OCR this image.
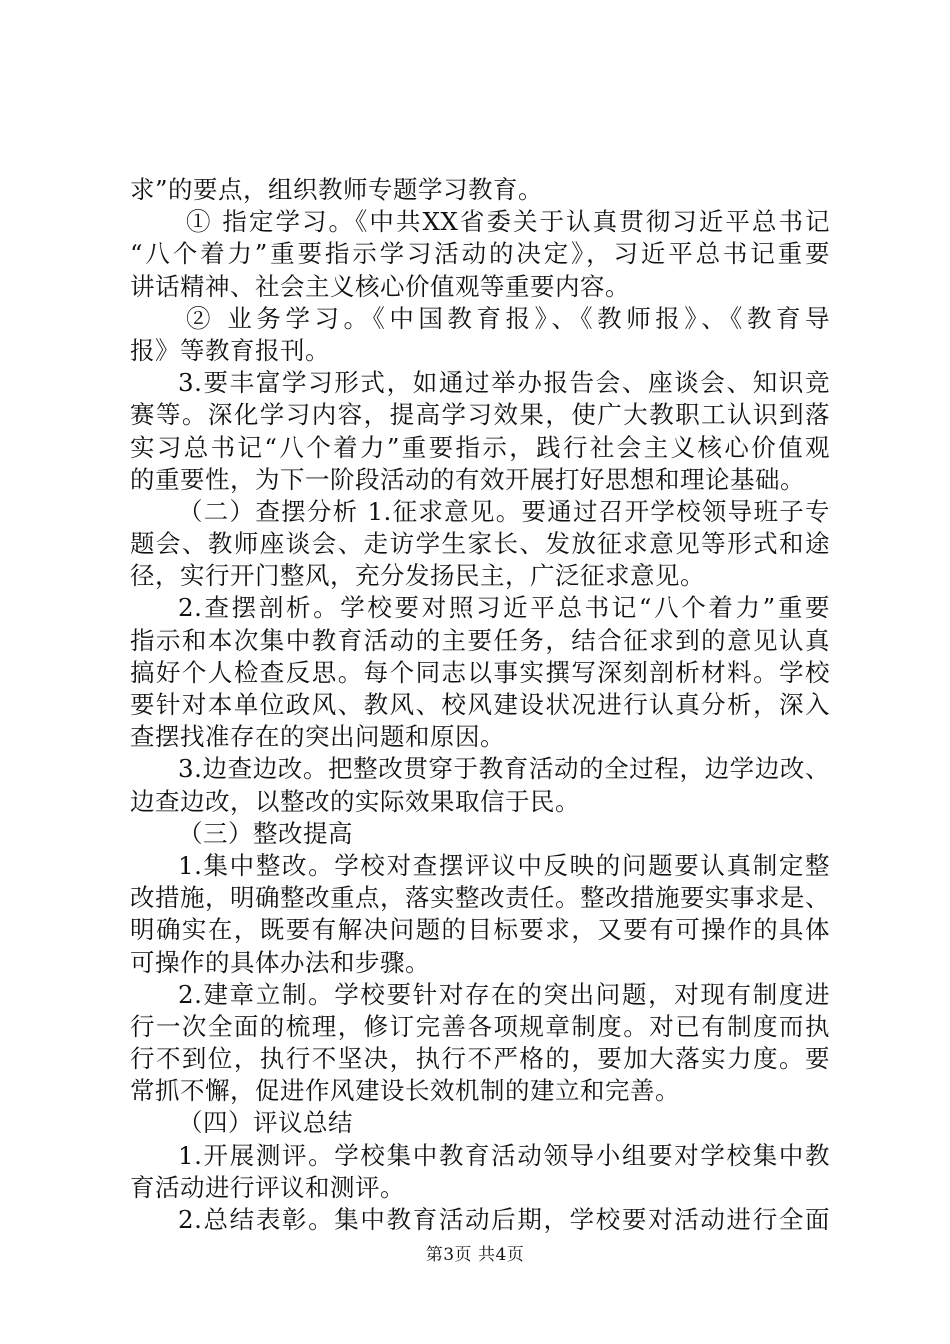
求”的要点，组织教师专题学习教育。
① 指定学习。《中共XX省委关于认真贯彻习近平总书记
“八个着力”重要指示学习活动的决定》，习近平总书记重要
讲话精神、社会主义核心价值观等重要内容。
② 业务学习。《中国教育报》、《教师报》、《教育导
报》等教育报刊。
3.要丰富学习形式，如通过举办报告会、座谈会、知识竞
赛等。深化学习内容，提高学习效果，使广大教职工认识到落
实习总书记“八个着力”重要指示，践行社会主义核心价值观
的重要性，为下一阶段活动的有效开展打好思想和理论基础。
（二）查摆分析 1.征求意见。要通过召开学校领导班子专
题会、教师座谈会、走访学生家长、发放征求意见等形式和途
径，实行开门整风，充分发扬民主，广泛征求意见。
2.查摆剖析。学校要对照习近平总书记“八个着力”重要
指示和本次集中教育活动的主要任务，结合征求到的意见认真
搞好个人检查反思。每个同志以事实撰写深刻剖析材料。学校
要针对本单位政风、教风、校风建设状况进行认真分析，深入
查摆找准存在的突出问题和原因。
3.边查边改。把整改贯穿于教育活动的全过程，边学边改、
边查边改，以整改的实际效果取信于民。
（三）整改提高
1.集中整改。学校对查摆评议中反映的问题要认真制定整
改措施，明确整改重点，落实整改责任。整改措施要实事求是、
明确实在，既要有解决问题的目标要求，又要有可操作的具体
可操作的具体办法和步骤。
2.建章立制。学校要针对存在的突出问题，对现有制度进
行一次全面的梳理，修订完善各项规章制度。对已有制度而执
行不到位，执行不坚决，执行不严格的，要加大落实力度。要
常抓不懈，促进作风建设长效机制的建立和完善。
（四）评议总结
1.开展测评。学校集中教育活动领导小组要对学校集中教
育活动进行评议和测评。
2.总结表彰。集中教育活动后期，学校要对活动进行全面
第3页 共4页
